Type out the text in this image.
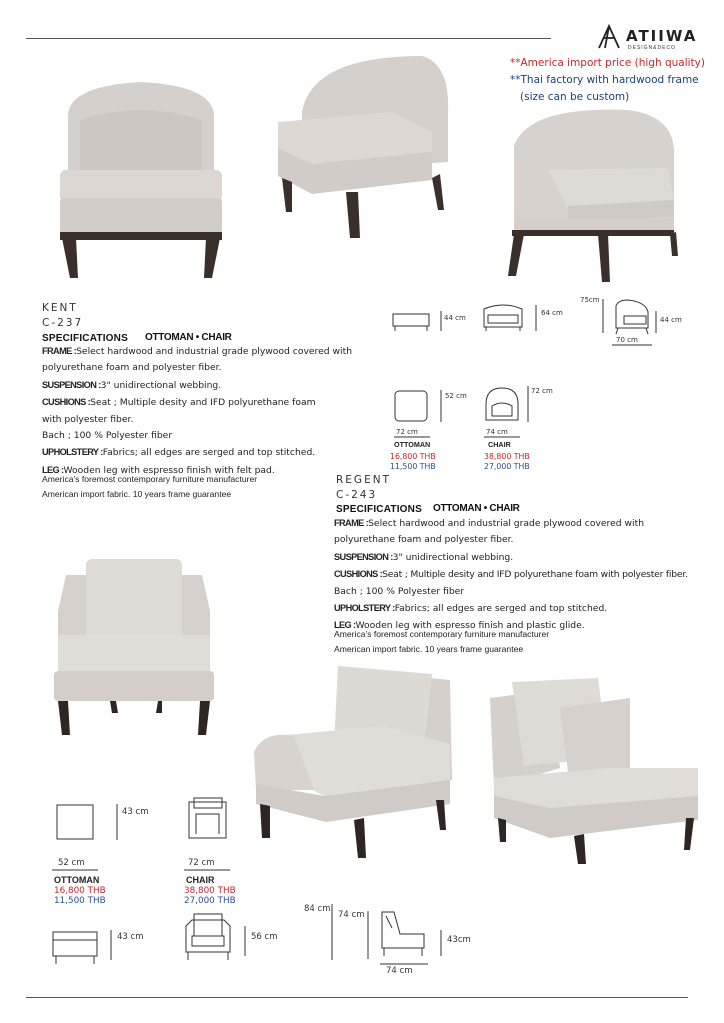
ATIIWA
DESIGN&DECO
**America import price (high quality)
**Thai factory with hardwood frame
(size can be custom)
KENT
C-237
SPECIFICATIONS OTTOMAN • CHAIR
FRAME :Select hardwood and industrial grade plywood covered with
polyurethane foam and polyester fiber.
SUSPENSION :3" unidirectional webbing.
CUSHIONS :Seat ; Multiple desity and IFD polyurethane foam
with polyester fiber.
Bach ; 100 % Polyester fiber
UPHOLSTERY :Fabrics; all edges are serged and top stitched.
LEG :Wooden leg with espresso finish with felt pad.
America's foremost contemporary furniture manufacturer
American import fabric. 10 years frame guarantee
44 cm
64 cm
75cm
44 cm
70 cm
52 cm
72 cm
72 cm
OTTOMAN
16,800 THB
11,500 THB
74 cm
CHAIR
38,800 THB
27,000 THB
REGENT
C-243
SPECIFICATIONS OTTOMAN • CHAIR
FRAME :Select hardwood and industrial grade plywood covered with
polyurethane foam and polyester fiber.
SUSPENSION :3" unidirectional webbing.
CUSHIONS :Seat ; Multiple desity and IFD polyurethane foam with polyester fiber.
Bach ; 100 % Polyester fiber
UPHOLSTERY :Fabrics; all edges are serged and top stitched.
LEG :Wooden leg with espresso finish and plastic glide.
America's foremost contemporary furniture manufacturer
American import fabric. 10 years frame guarantee
43 cm
52 cm
OTTOMAN
16,800 THB
11,500 THB
72 cm
CHAIR
38,800 THB
27,000 THB
43 cm	56 cm
84 cm
74 cm
43cm
74 cm
